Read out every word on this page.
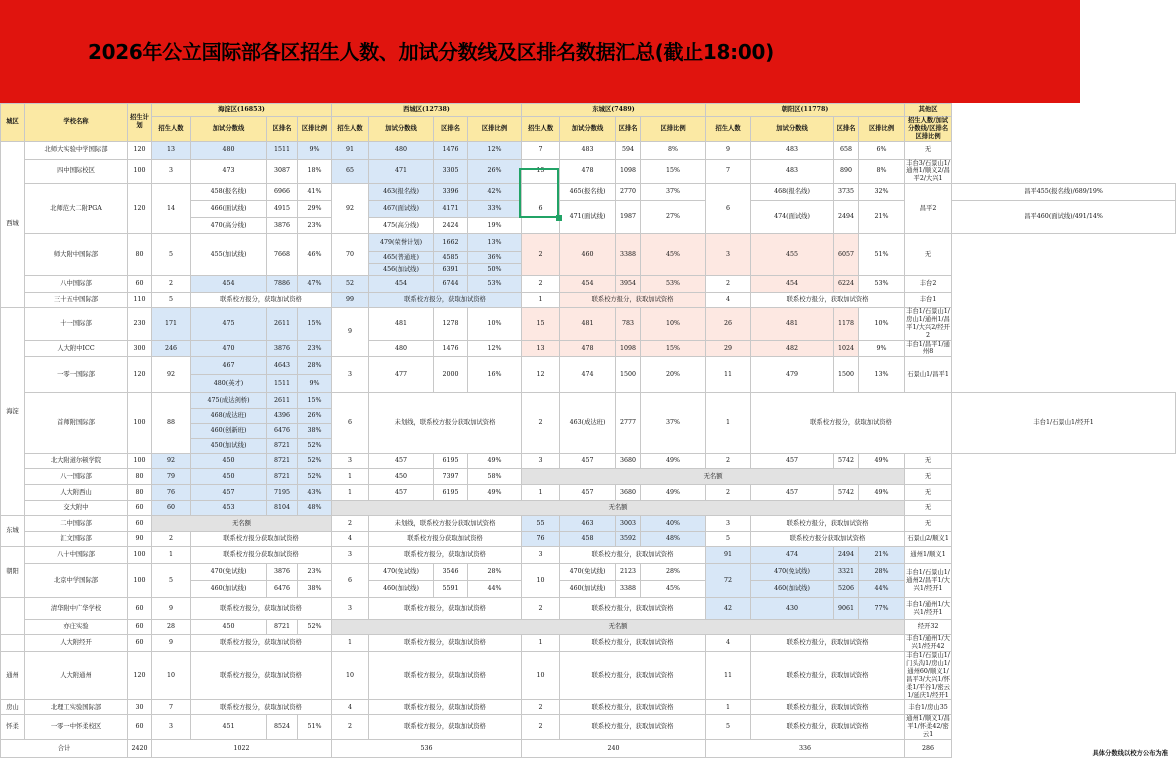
2026年公立国际部各区招生人数、加试分数线及区排名数据汇总(截止18:00)
城区	学校名称	招生计划	海淀区(16853)				西城区(12738)				东城区(7489)				朝阳区(11778)				其他区	
			招生人数	加试分数线	区排名	区排比例	招生人数	加试分数线	区排名	区排比例	招生人数	加试分数线	区排名	区排比例	招生人数	加试分数线	区排名	区排比例	招生人数/加试分数线/区排名区排比例	
西城	北师大实验中学国际部	120	13	480	1511	9%	91	480	1476	12%	7	483	594	8%	9	483	658	6%	无	
	四中国际校区	100	3	473	3087	18%	65	471	3305	26%	15	478	1098	15%	7	483	890	8%	丰台3/石景山1/通州1/顺义2/昌平2/大兴1	
	北师范大二附PGA	120	14	458(报名线)	6966	41%	92	463(报名线)	3396	42%	6	465(报名线)	2770	37%	6	468(报名线)	3735	32%	昌平2	昌平455(报名线)/689/19%
				466(面试线)	4915	29%		467(面试线)	4171	33%		471(面试线)	1987	27%		474(面试线)	2494	21%		昌平460(面试线)/491/14%
				470(高分线)	3876	23%		475(高分线)	2424	19%										
	师大附中国际部	80	5	455(加试线)	7668	46%	70	479(荣誉计划)	1662	13%	2	460	3388	45%	3	455	6057	51%	无	
								465(普通班)	4585	36%										
								456(加试线)	6391	50%										
	八中国际部	60	2	454	7886	47%	52	454	6744	53%	2	454	3954	53%	2	454	6224	53%	丰台2	
	三十五中国际部	110	5	联系校方报分，获取加试资格			99	联系校方报分，获取加试资格			1	联系校方报分，获取加试资格			4	联系校方报分，获取加试资格			丰台1	
海淀	十一国际部	230	171	475	2611	15%	9	481	1278	10%	15	481	783	10%	26	481	1178	10%	丰台1/石景山1/房山1/通州1/昌平1/大兴2/经开2	
	人大附中ICC	300	246	470	3876	23%		480	1476	12%	13	478	1098	15%	29	482	1024	9%	丰台1/昌平1/通州8	
	一零一国际部	120	92	467	4643	28%	3	477	2000	16%	12	474	1500	20%	11	479	1500	13%	石景山1/昌平1	
				480(英才)	1511	9%														
	首师附国际部	100	88	475(成达剑桥)	2611	15%	6	未划线，联系校方报分获取加试资格			2	463(成达班)	2777	37%	1	联系校方报分，获取加试资格				丰台1/石景山1/经开1
				468(成达班)	4396	26%														
				460(创新班)	6476	38%														
				450(加试线)	8721	52%														
	北大附道尔顿学院	100	92	450	8721	52%	3	457	6195	49%	3	457	3680	49%	2	457	5742	49%	无	
	八一国际部	80	79	450	8721	52%	1	450	7397	58%	无名额								无	
	人大附西山	80	76	457	7195	43%	1	457	6195	49%	1	457	3680	49%	2	457	5742	49%	无	
	交大附中	60	60	453	8104	48%	无名额												无	
东城	二中国际部	60	无名额				2	未划线，联系校方报分获取加试资格			55	463	3003	40%	3	联系校方报分，获取加试资格			无	
	汇文国际部	90	2	联系校方报分获取加试资格			4	联系校方报分获取加试资格			76	458	3592	48%	5	联系校方报分获取加试资格			石景山2/顺义1	
朝阳	八十中国际部	100	1	联系校方报分获取加试资格			3	联系校方报分，获取加试资格			3	联系校方报分，获取加试资格			91	474	2494	21%	通州1/顺义1	
	北京中学国际部	100	5	470(免试线)	3876	23%	6	470(免试线)	3546	28%	10	470(免试线)	2123	28%	72	470(免试线)	3321	28%	丰台1/石景山1/通州2/昌平1/大兴1/经开1	
				460(加试线)	6476	38%		460(加试线)	5591	44%		460(加试线)	3388	45%		460(加试线)	5206	44%		
	清华附中广华学校	60	9	联系校方报分，获取加试资格			3	联系校方报分，获取加试资格			2	联系校方报分，获取加试资格			42	430	9061	77%	丰台1/通州1/大兴1/经开1	
	亦庄实验	60	28	450	8721	52%	无名额												经开32	
	人大附经开	60	9	联系校方报分，获取加试资格			1	联系校方报分，获取加试资格			1	联系校方报分，获取加试资格			4	联系校方报分，获取加试资格			丰台1/通州1/大兴1/经开42	
通州	人大附通州	120	10	联系校方报分，获取加试资格			10	联系校方报分，获取加试资格			10	联系校方报分，获取加试资格			11	联系校方报分，获取加试资格			丰台1/石景山1/门头沟1/房山1/通州60/顺义1/昌平3/大兴1/怀柔1/平谷1/密云1/延庆1/经开1	
房山	北理工实验国际部	30	7	联系校方报分，获取加试资格			4	联系校方报分，获取加试资格			2	联系校方报分，获取加试资格			1	联系校方报分，获取加试资格			丰台1/房山35	
怀柔	一零一中怀柔校区	60	3	451	8524	51%	2	联系校方报分，获取加试资格			2	联系校方报分，获取加试资格			5	联系校方报分，获取加试资格			通州1/顺义1/昌平1/怀柔42/密云1	
合计		2420	1022				536				240				336				286	
具体分数线以校方公布为准
